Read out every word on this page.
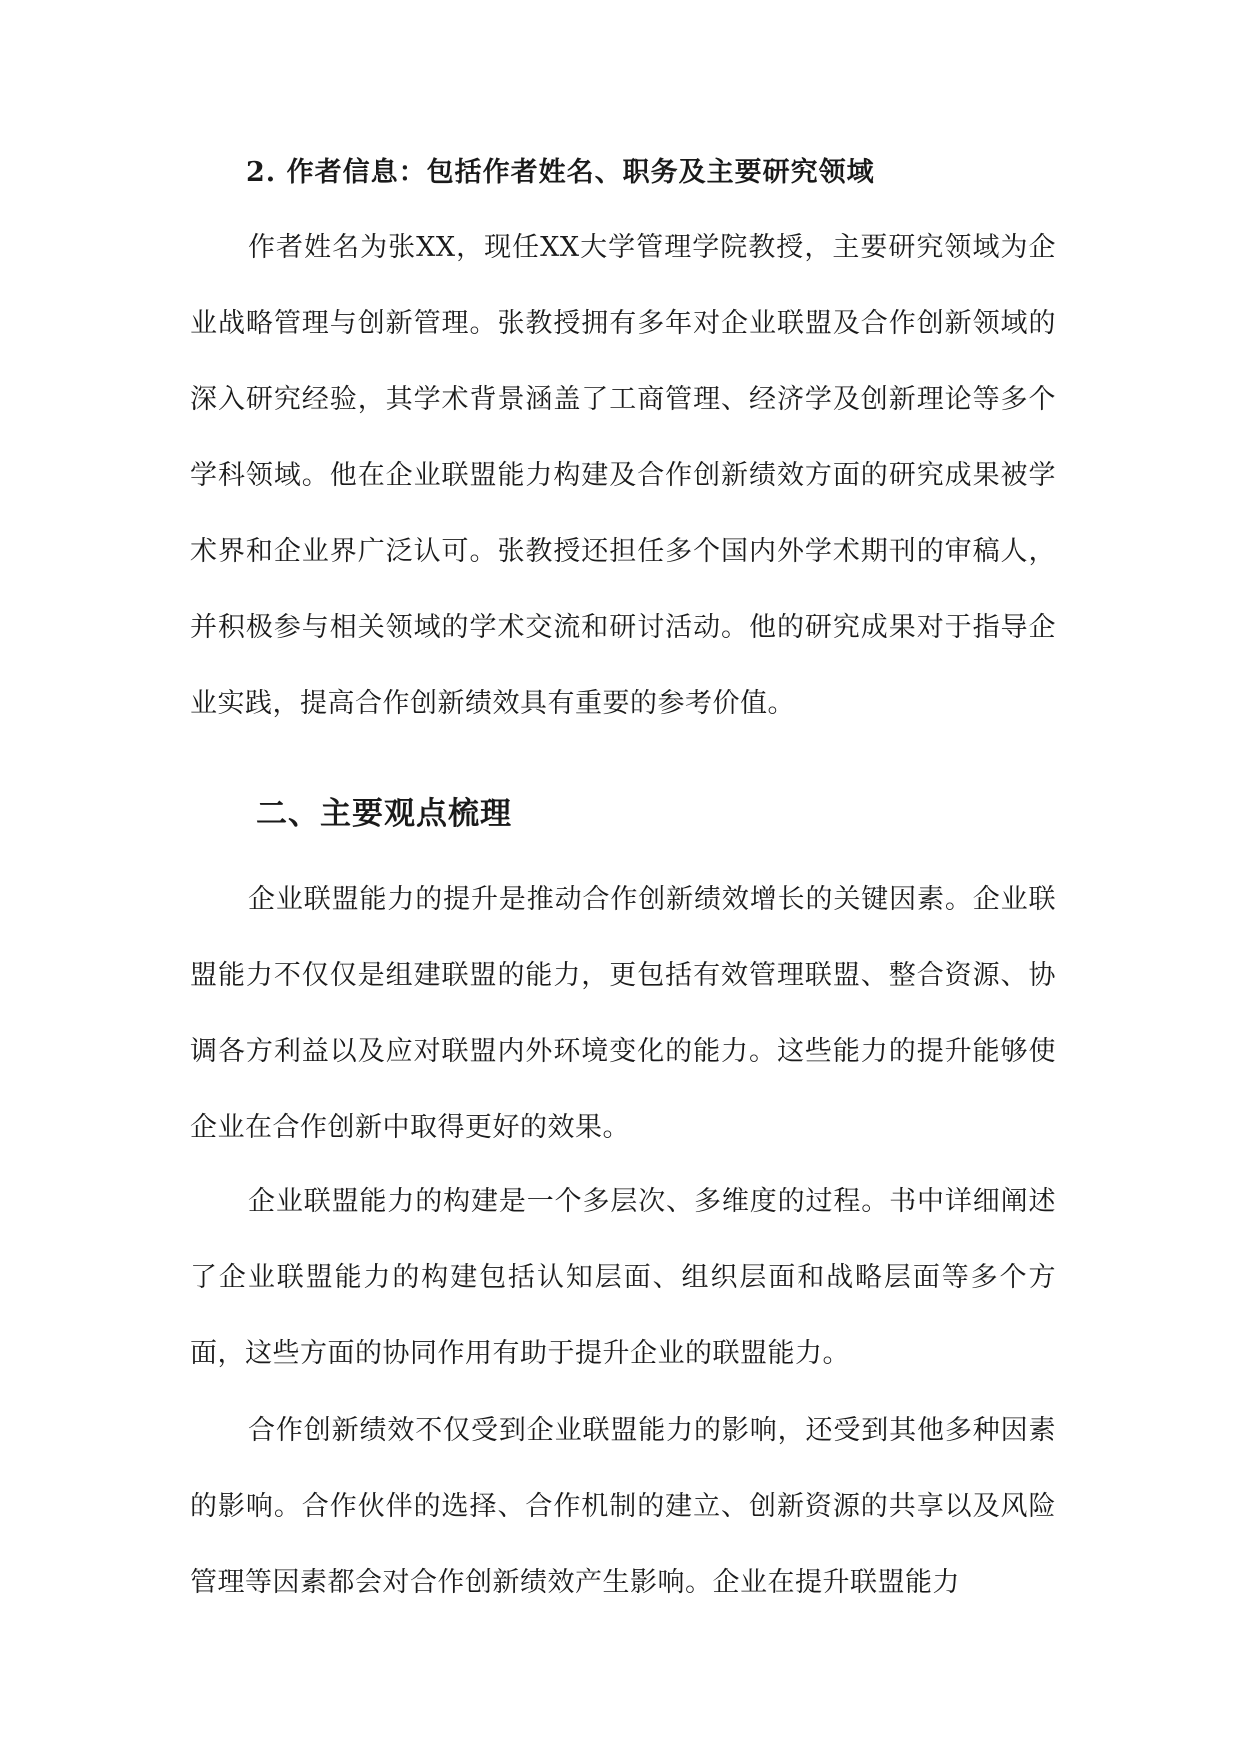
2. 作者信息：包括作者姓名、职务及主要研究领域

作者姓名为张XX，现任XX大学管理学院教授，主要研究领域为企业战略管理与创新管理。张教授拥有多年对企业联盟及合作创新领域的深入研究经验，其学术背景涵盖了工商管理、经济学及创新理论等多个学科领域。他在企业联盟能力构建及合作创新绩效方面的研究成果被学术界和企业界广泛认可。张教授还担任多个国内外学术期刊的审稿人，并积极参与相关领域的学术交流和研讨活动。他的研究成果对于指导企业实践，提高合作创新绩效具有重要的参考价值。

二、主要观点梳理

企业联盟能力的提升是推动合作创新绩效增长的关键因素。企业联盟能力不仅仅是组建联盟的能力，更包括有效管理联盟、整合资源、协调各方利益以及应对联盟内外环境变化的能力。这些能力的提升能够使企业在合作创新中取得更好的效果。

企业联盟能力的构建是一个多层次、多维度的过程。书中详细阐述了企业联盟能力的构建包括认知层面、组织层面和战略层面等多个方面，这些方面的协同作用有助于提升企业的联盟能力。

合作创新绩效不仅受到企业联盟能力的影响，还受到其他多种因素的影响。合作伙伴的选择、合作机制的建立、创新资源的共享以及风险管理等因素都会对合作创新绩效产生影响。企业在提升联盟能力
